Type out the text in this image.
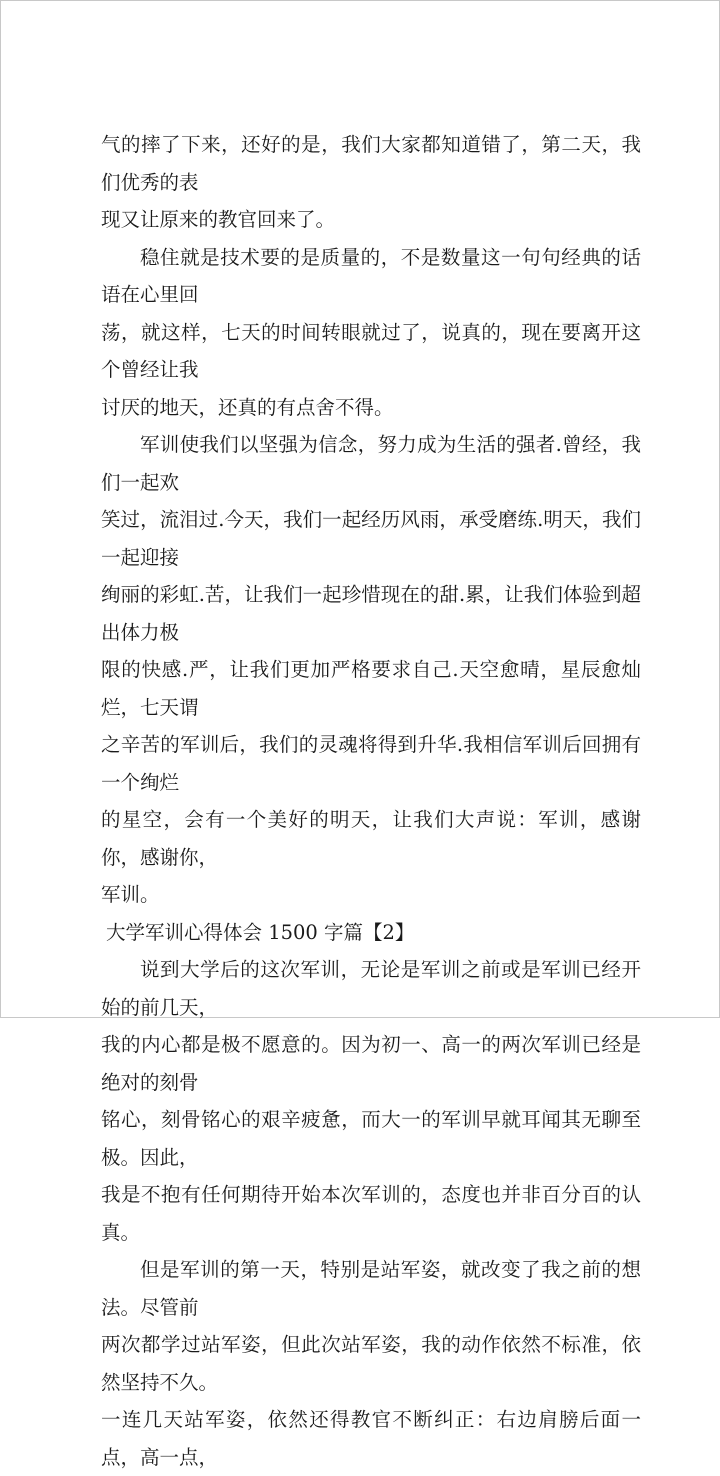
气的摔了下来，还好的是，我们大家都知道错了，第二天，我们优秀的表
现又让原来的教官回来了。

稳住就是技术要的是质量的，不是数量这一句句经典的话语在心里回
荡，就这样，七天的时间转眼就过了，说真的，现在要离开这个曾经让我
讨厌的地天，还真的有点舍不得。

军训使我们以坚强为信念，努力成为生活的强者.曾经，我们一起欢
笑过，流泪过.今天，我们一起经历风雨，承受磨练.明天，我们一起迎接
绚丽的彩虹.苦，让我们一起珍惜现在的甜.累，让我们体验到超出体力极
限的快感.严，让我们更加严格要求自己.天空愈晴，星辰愈灿烂，七天谓
之辛苦的军训后，我们的灵魂将得到升华.我相信军训后回拥有一个绚烂
的星空，会有一个美好的明天，让我们大声说：军训，感谢你，感谢你，
军训。

大学军训心得体会 1500 字篇【2】

说到大学后的这次军训，无论是军训之前或是军训已经开始的前几天，
我的内心都是极不愿意的。因为初一、高一的两次军训已经是绝对的刻骨
铭心，刻骨铭心的艰辛疲惫，而大一的军训早就耳闻其无聊至极。因此，
我是不抱有任何期待开始本次军训的，态度也并非百分百的认真。

但是军训的第一天，特别是站军姿，就改变了我之前的想法。尽管前
两次都学过站军姿，但此次站军姿，我的动作依然不标准，依然坚持不久。
一连几天站军姿，依然还得教官不断纠正：右边肩膀后面一点，高一点，
